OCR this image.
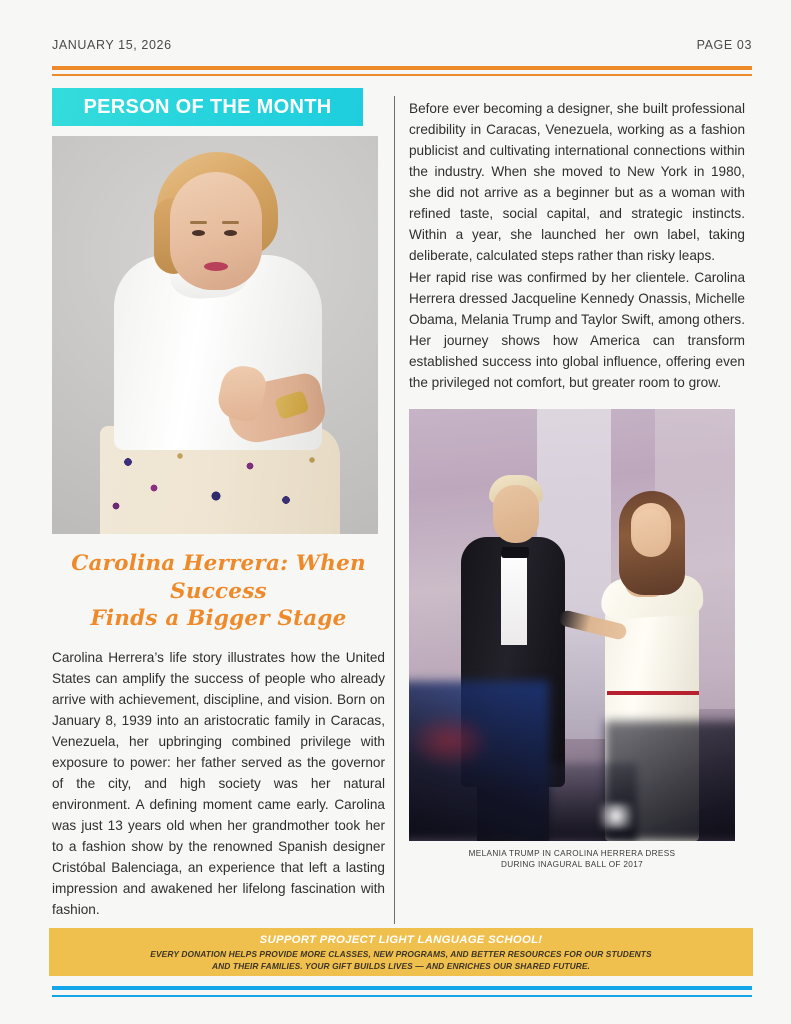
JANUARY 15, 2026	PAGE 03
PERSON OF THE MONTH
Carolina Herrera: When Success
Finds a Bigger Stage

Carolina Herrera’s life story illustrates how the United States can amplify the success of people who already arrive with achievement, discipline, and vision. Born on January 8, 1939 into an aristocratic family in Caracas, Venezuela, her upbringing combined privilege with exposure to power: her father served as the governor of the city, and high society was her natural environment. A defining moment came early. Carolina was just 13 years old when her grandmother took her to a fashion show by the renowned Spanish designer Cristóbal Balenciaga, an experience that left a lasting impression and awakened her lifelong fascination with fashion.

Before ever becoming a designer, she built professional credibility in Caracas, Venezuela, working as a fashion publicist and cultivating international connections within the industry. When she moved to New York in 1980, she did not arrive as a beginner but as a woman with refined taste, social capital, and strategic instincts. Within a year, she launched her own label, taking deliberate, calculated steps rather than risky leaps.

Her rapid rise was confirmed by her clientele. Carolina Herrera dressed Jacqueline Kennedy Onassis, Michelle Obama, Melania Trump and Taylor Swift, among others. Her journey shows how America can transform established success into global influence, offering even the privileged not comfort, but greater room to grow.

MELANIA TRUMP IN CAROLINA HERRERA DRESS
DURING INAGURAL BALL OF 2017
SUPPORT PROJECT LIGHT LANGUAGE SCHOOL!
EVERY DONATION HELPS PROVIDE MORE CLASSES, NEW PROGRAMS, AND BETTER RESOURCES FOR OUR STUDENTS
AND THEIR FAMILIES. YOUR GIFT BUILDS LIVES — AND ENRICHES OUR SHARED FUTURE.
